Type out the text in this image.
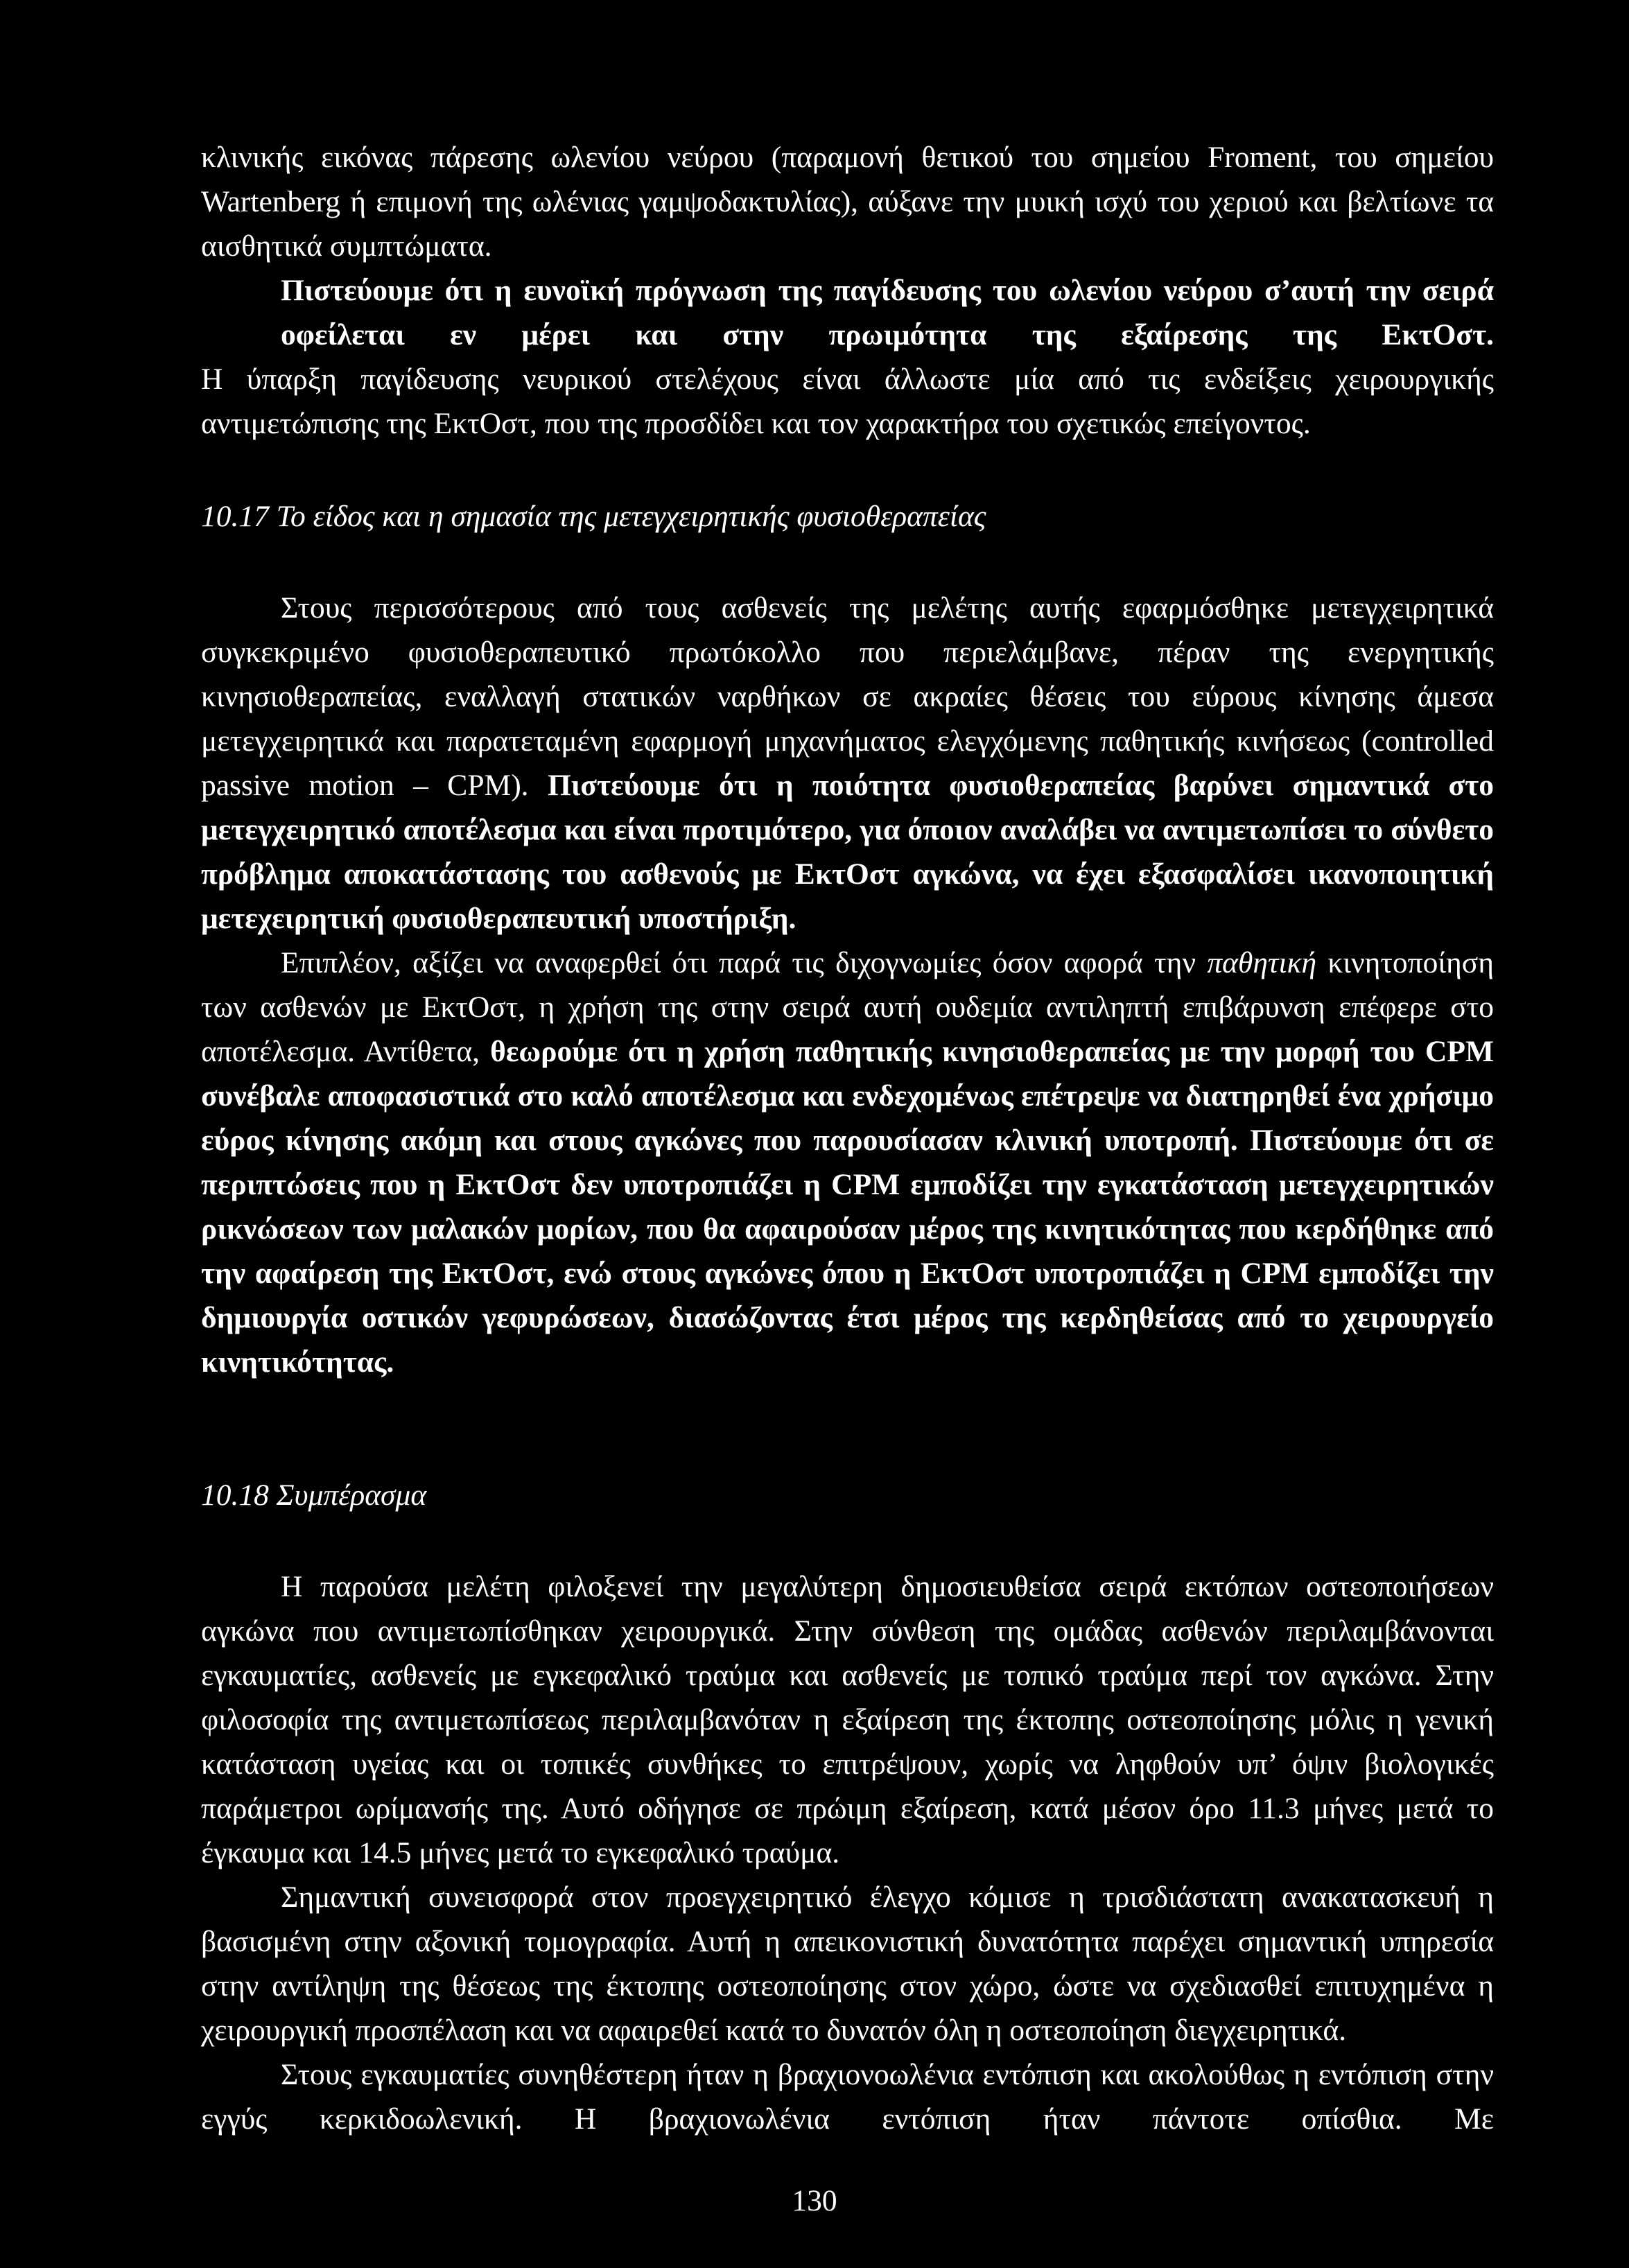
κλινικής εικόνας πάρεσης ωλενίου νεύρου (παραμονή θετικού του σημείου Froment, του σημείου Wartenberg ή επιμονή της ωλένιας γαμψοδακτυλίας), αύξανε την μυική ισχύ του χεριού και βελτίωνε τα αισθητικά συμπτώματα.
Πιστεύουμε ότι η ευνοϊκή πρόγνωση της παγίδευσης του ωλενίου νεύρου σ’αυτή την σειρά οφείλεται εν μέρει και στην πρωιμότητα της εξαίρεσης της ΕκτΟστ. Η ύπαρξη παγίδευσης νευρικού στελέχους είναι άλλωστε μία από τις ενδείξεις χειρουργικής αντιμετώπισης της ΕκτΟστ, που της προσδίδει και τον χαρακτήρα του σχετικώς επείγοντος.

10.17 Το είδος και η σημασία της μετεγχειρητικής φυσιοθεραπείας

Στους περισσότερους από τους ασθενείς της μελέτης αυτής εφαρμόσθηκε μετεγχειρητικά συγκεκριμένο φυσιοθεραπευτικό πρωτόκολλο που περιελάμβανε, πέραν της ενεργητικής κινησιοθεραπείας, εναλλαγή στατικών ναρθήκων σε ακραίες θέσεις του εύρους κίνησης άμεσα μετεγχειρητικά και παρατεταμένη εφαρμογή μηχανήματος ελεγχόμενης παθητικής κινήσεως (controlled passive motion – CPM). Πιστεύουμε ότι η ποιότητα φυσιοθεραπείας βαρύνει σημαντικά στο μετεγχειρητικό αποτέλεσμα και είναι προτιμότερο, για όποιον αναλάβει να αντιμετωπίσει το σύνθετο πρόβλημα αποκατάστασης του ασθενούς με ΕκτΟστ αγκώνα, να έχει εξασφαλίσει ικανοποιητική μετεχειρητική φυσιοθεραπευτική υποστήριξη.

Επιπλέον, αξίζει να αναφερθεί ότι παρά τις διχογνωμίες όσον αφορά την παθητική κινητοποίηση των ασθενών με ΕκτΟστ, η χρήση της στην σειρά αυτή ουδεμία αντιληπτή επιβάρυνση επέφερε στο αποτέλεσμα. Αντίθετα, θεωρούμε ότι η χρήση παθητικής κινησιοθεραπείας με την μορφή του CPM συνέβαλε αποφασιστικά στο καλό αποτέλεσμα και ενδεχομένως επέτρεψε να διατηρηθεί ένα χρήσιμο εύρος κίνησης ακόμη και στους αγκώνες που παρουσίασαν κλινική υποτροπή. Πιστεύουμε ότι σε περιπτώσεις που η ΕκτΟστ δεν υποτροπιάζει η CPM εμποδίζει την εγκατάσταση μετεγχειρητικών ρικνώσεων των μαλακών μορίων, που θα αφαιρούσαν μέρος της κινητικότητας που κερδήθηκε από την αφαίρεση της ΕκτΟστ, ενώ στους αγκώνες όπου η ΕκτΟστ υποτροπιάζει η CPM εμποδίζει την δημιουργία οστικών γεφυρώσεων, διασώζοντας έτσι μέρος της κερδηθείσας από το χειρουργείο κινητικότητας.

10.18 Συμπέρασμα

Η παρούσα μελέτη φιλοξενεί την μεγαλύτερη δημοσιευθείσα σειρά εκτόπων οστεοποιήσεων αγκώνα που αντιμετωπίσθηκαν χειρουργικά. Στην σύνθεση της ομάδας ασθενών περιλαμβάνονται εγκαυματίες, ασθενείς με εγκεφαλικό τραύμα και ασθενείς με τοπικό τραύμα περί τον αγκώνα. Στην φιλοσοφία της αντιμετωπίσεως περιλαμβανόταν η εξαίρεση της έκτοπης οστεοποίησης μόλις η γενική κατάσταση υγείας και οι τοπικές συνθήκες το επιτρέψουν, χωρίς να ληφθούν υπ’ όψιν βιολογικές παράμετροι ωρίμανσής της. Αυτό οδήγησε σε πρώιμη εξαίρεση, κατά μέσον όρο 11.3 μήνες μετά το έγκαυμα και 14.5 μήνες μετά το εγκεφαλικό τραύμα.

Σημαντική συνεισφορά στον προεγχειρητικό έλεγχο κόμισε η τρισδιάστατη ανακατασκευή η βασισμένη στην αξονική τομογραφία. Αυτή η απεικονιστική δυνατότητα παρέχει σημαντική υπηρεσία στην αντίληψη της θέσεως της έκτοπης οστεοποίησης στον χώρο, ώστε να σχεδιασθεί επιτυχημένα η χειρουργική προσπέλαση και να αφαιρεθεί κατά το δυνατόν όλη η οστεοποίηση διεγχειρητικά.

Στους εγκαυματίες συνηθέστερη ήταν η βραχιονοωλένια εντόπιση και ακολούθως η εντόπιση στην εγγύς κερκιδοωλενική. Η βραχιονωλένια εντόπιση ήταν πάντοτε οπίσθια. Με

130
